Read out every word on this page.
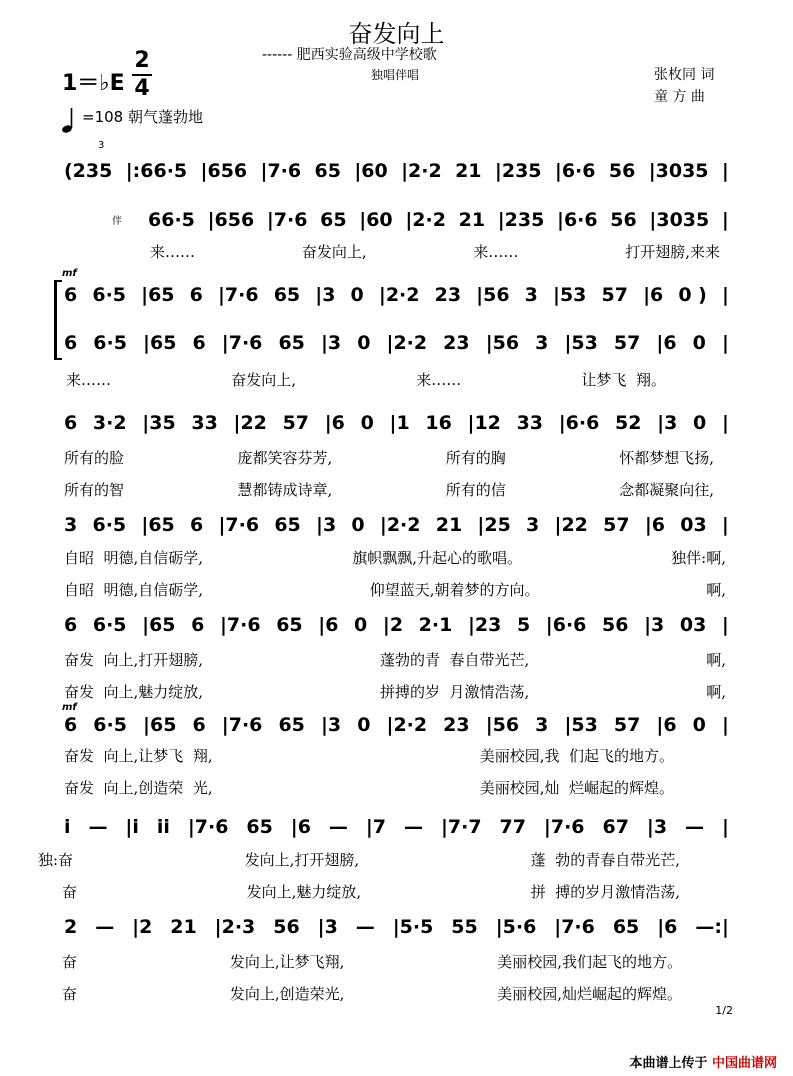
奋发向上
------ 肥西实验高级中学校歌
独唱伴唱	张枚同 词
童 方 曲
1＝♭E $\frac{2}{4}$
=108 朝气蓬勃地
3
(235 |:66·5 |656 |7·6 65 |60 |2·2 21 |235 |6·6 56 |3035 |
伴 66·5 |656 |7·6 65 |60 |2·2 21 |235 |6·6 56 |3035 |
来……	奋发向上,	来……	打开翅膀,来来
mf
6 6·5 |65 6 |7·6 65 |3 0 |2·2 23 |56 3 |53 57 |6 0 ) |
6 6·5 |65 6 |7·6 65 |3 0 |2·2 23 |56 3 |53 57 |6 0 |
来……	奋发向上,	来……	让梦飞  翔。
6 3·2 |35 33 |22 57 |6 0 |1 16 |12 33 |6·6 52 |3 0 |
所有的脸	庞都笑容芬芳,	所有的胸	怀都梦想飞扬,
所有的智	慧都铸成诗章,	所有的信	念都凝聚向往,
3 6·5 |65 6 |7·6 65 |3 0 |2·2 21 |25 3 |22 57 |6 03 |
自昭  明德,自信砺学,	旗帜飘飘,升起心的歌唱。	独伴:啊,
自昭  明德,自信砺学,	仰望蓝天,朝着梦的方向。	啊,
6 6·5 |65 6 |7·6 65 |6 0 |2 2·1 |23 5 |6·6 56 |3 03 |
奋发  向上,打开翅膀,	蓬勃的青  春自带光芒,	啊,
奋发  向上,魅力绽放,	拼搏的岁  月激情浩荡,	啊,
mf
6 6·5 |65 6 |7·6 65 |3 0 |2·2 23 |56 3 |53 57 |6 0 |
奋发  向上,让梦飞  翔,	美丽校园,我  们起飞的地方。
奋发  向上,创造荣  光,	美丽校园,灿  烂崛起的辉煌。
i — |i ii |7·6 65 |6 — |7 — |7·7 77 |7·6 67 |3 — |
独:奋	发向上,打开翅膀,	蓬  勃的青春自带光芒,
奋	发向上,魅力绽放,	拼  搏的岁月激情浩荡,
2 — |2 21 |2·3 56 |3 — |5·5 55 |5·6 |7·6 65 |6 —:|
奋	发向上,让梦飞翔,	美丽校园,我们起飞的地方。
奋	发向上,创造荣光,	美丽校园,灿烂崛起的辉煌。
1/2
本曲谱上传于 中国曲谱网
